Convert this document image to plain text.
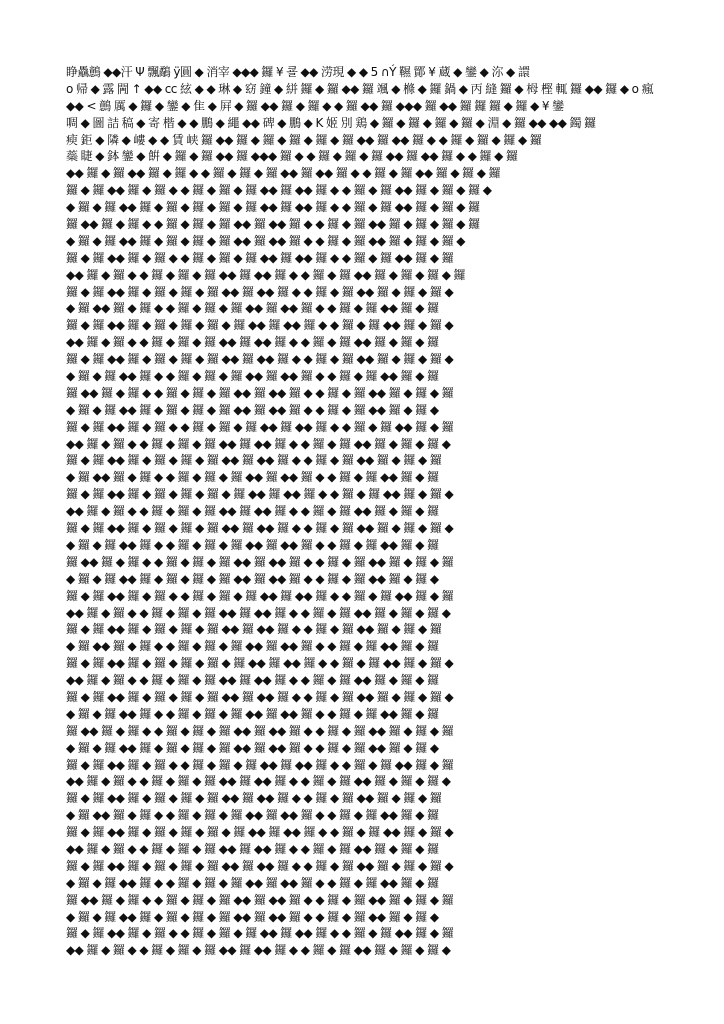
睁驫鷾 ◆◆汗 Ψ 飄鷸 ÿ圓 ◆ 消宰 ◆◆◆ 鑼 ¥ 쿌 ◆◆ 涝現 ◆ ◆ 5 ∩Ý 韅 鄮 ¥ 蔵 ◆ 鑾 ◆ 沵 ◆ 譞
ο 帰 ◆ 露 闁 ↑ ◆◆ cc 絃 ◆ ◆ 琳 ◆ 窈 鐘 ◆ 絣 鑼 ◆ 鑼 ◆◆ 鑼 颯 ◆ 樤 ◆ 鑼 鍋 ◆ 丙 縫 鑼 ◆ 栂 樫 輒 鑼 ◆◆ 鑼 ◆ ο 瘋
◆◆ < 鷾 厲 ◆ 鑼 ◆ 鑾 ◆ 隹 ◆ 屛 ◆ 鑼 ◆◆ 鑼 ◆ 鑼 ◆ ◆ 鑼 ◆◆ 鑼 ◆◆◆ 鑼 ◆◆ 鑼 鑼 鑼 ◆ 鑼 ◆ ¥ 鑾
啁 ◆ 圖 詰 稿 ◆ 寄 楷 ◆ ◆ 鵬 ◆ 繩 ◆◆ 碑 ◆ 鵬 ◆ K 姬 別 鶏 ◆ 鑼 ◆ 鑼 ◆ 鑼 ◆ 鑼 ◆ 淵 ◆ 鑼 ◆◆ ◆◆ 鐲 鑼
瘐 鉅 ◆ 隣 ◆ 嶁 ◆ ◆ 賃 峡 鑼 ◆◆ 鑼 ◆ 鑼 ◆ 鑼 ◆ 鑼 ◆ 鑼 ◆◆ 鑼 ◆◆ 鑼 ◆ ◆ 鑼 ◆ 鑼 ◆ 鑼 ◆ 鑼
蘂 睫 ◆ 鉢 鑾 ◆ 餠 ◆ 鑼 ◆ 鑼 ◆◆ 鑼 ◆◆◆ 鑼 ◆ ◆ 鑼 ◆ 鑼 ◆ 鑼 ◆◆ 鑼 ◆◆ 鑼 ◆ ◆ 鑼 ◆ 鑼
◆◆ 鑼 ◆ 鑼 ◆◆ 鑼 ◆ 鑼 ◆ ◆ 鑼 ◆ 鑼 ◆ 鑼 ◆◆ 鑼 ◆◆ 鑼 ◆ ◆ 鑼 ◆ 鑼 ◆◆ 鑼 ◆ 鑼 ◆ 鑼
鑼 ◆ 鑼 ◆◆ 鑼 ◆ 鑼 ◆ ◆ 鑼 ◆ 鑼 ◆ 鑼 ◆◆ 鑼 ◆◆ 鑼 ◆ ◆ 鑼 ◆ 鑼 ◆◆ 鑼 ◆ 鑼 ◆ 鑼 ◆
◆ 鑼 ◆ 鑼 ◆◆ 鑼 ◆ 鑼 ◆ 鑼 ◆ 鑼 ◆ 鑼 ◆◆ 鑼 ◆◆ 鑼 ◆ ◆ 鑼 ◆ 鑼 ◆◆ 鑼 ◆ 鑼 ◆ 鑼
鑼 ◆◆ 鑼 ◆ 鑼 ◆ ◆ 鑼 ◆ 鑼 ◆ 鑼 ◆◆ 鑼 ◆◆ 鑼 ◆ ◆ 鑼 ◆ 鑼 ◆◆ 鑼 ◆ 鑼 ◆ 鑼 ◆ 鑼
◆ 鑼 ◆ 鑼 ◆◆ 鑼 ◆ 鑼 ◆ 鑼 ◆ 鑼 ◆◆ 鑼 ◆◆ 鑼 ◆ ◆ 鑼 ◆ 鑼 ◆◆ 鑼 ◆ 鑼 ◆ 鑼 ◆
鑼 ◆ 鑼 ◆◆ 鑼 ◆ 鑼 ◆ ◆ 鑼 ◆ 鑼 ◆ 鑼 ◆◆ 鑼 ◆◆ 鑼 ◆ ◆ 鑼 ◆ 鑼 ◆◆ 鑼 ◆ 鑼
◆◆ 鑼 ◆ 鑼 ◆ ◆ 鑼 ◆ 鑼 ◆ 鑼 ◆◆ 鑼 ◆◆ 鑼 ◆ ◆ 鑼 ◆ 鑼 ◆◆ 鑼 ◆ 鑼 ◆ 鑼 ◆ 鑼
鑼 ◆ 鑼 ◆◆ 鑼 ◆ 鑼 ◆ 鑼 ◆ 鑼 ◆◆ 鑼 ◆◆ 鑼 ◆ ◆ 鑼 ◆ 鑼 ◆◆ 鑼 ◆ 鑼 ◆ 鑼 ◆
◆ 鑼 ◆◆ 鑼 ◆ 鑼 ◆ ◆ 鑼 ◆ 鑼 ◆ 鑼 ◆◆ 鑼 ◆◆ 鑼 ◆ ◆ 鑼 ◆ 鑼 ◆◆ 鑼 ◆ 鑼
鑼 ◆ 鑼 ◆◆ 鑼 ◆ 鑼 ◆ 鑼 ◆ 鑼 ◆ 鑼 ◆◆ 鑼 ◆◆ 鑼 ◆ ◆ 鑼 ◆ 鑼 ◆◆ 鑼 ◆ 鑼 ◆
◆◆ 鑼 ◆ 鑼 ◆ ◆ 鑼 ◆ 鑼 ◆ 鑼 ◆◆ 鑼 ◆◆ 鑼 ◆ ◆ 鑼 ◆ 鑼 ◆◆ 鑼 ◆ 鑼 ◆ 鑼
鑼 ◆ 鑼 ◆◆ 鑼 ◆ 鑼 ◆ 鑼 ◆ 鑼 ◆◆ 鑼 ◆◆ 鑼 ◆ ◆ 鑼 ◆ 鑼 ◆◆ 鑼 ◆ 鑼 ◆ 鑼 ◆
◆ 鑼 ◆ 鑼 ◆◆ 鑼 ◆ ◆ 鑼 ◆ 鑼 ◆ 鑼 ◆◆ 鑼 ◆◆ 鑼 ◆ ◆ 鑼 ◆ 鑼 ◆◆ 鑼 ◆ 鑼
鑼 ◆◆ 鑼 ◆ 鑼 ◆ ◆ 鑼 ◆ 鑼 ◆ 鑼 ◆◆ 鑼 ◆◆ 鑼 ◆ ◆ 鑼 ◆ 鑼 ◆◆ 鑼 ◆ 鑼 ◆ 鑼
◆ 鑼 ◆ 鑼 ◆◆ 鑼 ◆ 鑼 ◆ 鑼 ◆ 鑼 ◆◆ 鑼 ◆◆ 鑼 ◆ ◆ 鑼 ◆ 鑼 ◆◆ 鑼 ◆ 鑼 ◆
鑼 ◆ 鑼 ◆◆ 鑼 ◆ 鑼 ◆ ◆ 鑼 ◆ 鑼 ◆ 鑼 ◆◆ 鑼 ◆◆ 鑼 ◆ ◆ 鑼 ◆ 鑼 ◆◆ 鑼 ◆ 鑼
◆◆ 鑼 ◆ 鑼 ◆ ◆ 鑼 ◆ 鑼 ◆ 鑼 ◆◆ 鑼 ◆◆ 鑼 ◆ ◆ 鑼 ◆ 鑼 ◆◆ 鑼 ◆ 鑼 ◆ 鑼 ◆
鑼 ◆ 鑼 ◆◆ 鑼 ◆ 鑼 ◆ 鑼 ◆ 鑼 ◆◆ 鑼 ◆◆ 鑼 ◆ ◆ 鑼 ◆ 鑼 ◆◆ 鑼 ◆ 鑼 ◆ 鑼
◆ 鑼 ◆◆ 鑼 ◆ 鑼 ◆ ◆ 鑼 ◆ 鑼 ◆ 鑼 ◆◆ 鑼 ◆◆ 鑼 ◆ ◆ 鑼 ◆ 鑼 ◆◆ 鑼 ◆ 鑼
鑼 ◆ 鑼 ◆◆ 鑼 ◆ 鑼 ◆ 鑼 ◆ 鑼 ◆ 鑼 ◆◆ 鑼 ◆◆ 鑼 ◆ ◆ 鑼 ◆ 鑼 ◆◆ 鑼 ◆ 鑼 ◆
◆◆ 鑼 ◆ 鑼 ◆ ◆ 鑼 ◆ 鑼 ◆ 鑼 ◆◆ 鑼 ◆◆ 鑼 ◆ ◆ 鑼 ◆ 鑼 ◆◆ 鑼 ◆ 鑼 ◆ 鑼
鑼 ◆ 鑼 ◆◆ 鑼 ◆ 鑼 ◆ 鑼 ◆ 鑼 ◆◆ 鑼 ◆◆ 鑼 ◆ ◆ 鑼 ◆ 鑼 ◆◆ 鑼 ◆ 鑼 ◆ 鑼 ◆
◆ 鑼 ◆ 鑼 ◆◆ 鑼 ◆ ◆ 鑼 ◆ 鑼 ◆ 鑼 ◆◆ 鑼 ◆◆ 鑼 ◆ ◆ 鑼 ◆ 鑼 ◆◆ 鑼 ◆ 鑼
鑼 ◆◆ 鑼 ◆ 鑼 ◆ ◆ 鑼 ◆ 鑼 ◆ 鑼 ◆◆ 鑼 ◆◆ 鑼 ◆ ◆ 鑼 ◆ 鑼 ◆◆ 鑼 ◆ 鑼 ◆ 鑼
◆ 鑼 ◆ 鑼 ◆◆ 鑼 ◆ 鑼 ◆ 鑼 ◆ 鑼 ◆◆ 鑼 ◆◆ 鑼 ◆ ◆ 鑼 ◆ 鑼 ◆◆ 鑼 ◆ 鑼 ◆
鑼 ◆ 鑼 ◆◆ 鑼 ◆ 鑼 ◆ ◆ 鑼 ◆ 鑼 ◆ 鑼 ◆◆ 鑼 ◆◆ 鑼 ◆ ◆ 鑼 ◆ 鑼 ◆◆ 鑼 ◆ 鑼
◆◆ 鑼 ◆ 鑼 ◆ ◆ 鑼 ◆ 鑼 ◆ 鑼 ◆◆ 鑼 ◆◆ 鑼 ◆ ◆ 鑼 ◆ 鑼 ◆◆ 鑼 ◆ 鑼 ◆ 鑼 ◆
鑼 ◆ 鑼 ◆◆ 鑼 ◆ 鑼 ◆ 鑼 ◆ 鑼 ◆◆ 鑼 ◆◆ 鑼 ◆ ◆ 鑼 ◆ 鑼 ◆◆ 鑼 ◆ 鑼 ◆ 鑼
◆ 鑼 ◆◆ 鑼 ◆ 鑼 ◆ ◆ 鑼 ◆ 鑼 ◆ 鑼 ◆◆ 鑼 ◆◆ 鑼 ◆ ◆ 鑼 ◆ 鑼 ◆◆ 鑼 ◆ 鑼
鑼 ◆ 鑼 ◆◆ 鑼 ◆ 鑼 ◆ 鑼 ◆ 鑼 ◆ 鑼 ◆◆ 鑼 ◆◆ 鑼 ◆ ◆ 鑼 ◆ 鑼 ◆◆ 鑼 ◆ 鑼 ◆
◆◆ 鑼 ◆ 鑼 ◆ ◆ 鑼 ◆ 鑼 ◆ 鑼 ◆◆ 鑼 ◆◆ 鑼 ◆ ◆ 鑼 ◆ 鑼 ◆◆ 鑼 ◆ 鑼 ◆ 鑼
鑼 ◆ 鑼 ◆◆ 鑼 ◆ 鑼 ◆ 鑼 ◆ 鑼 ◆◆ 鑼 ◆◆ 鑼 ◆ ◆ 鑼 ◆ 鑼 ◆◆ 鑼 ◆ 鑼 ◆ 鑼 ◆
◆ 鑼 ◆ 鑼 ◆◆ 鑼 ◆ ◆ 鑼 ◆ 鑼 ◆ 鑼 ◆◆ 鑼 ◆◆ 鑼 ◆ ◆ 鑼 ◆ 鑼 ◆◆ 鑼 ◆ 鑼
鑼 ◆◆ 鑼 ◆ 鑼 ◆ ◆ 鑼 ◆ 鑼 ◆ 鑼 ◆◆ 鑼 ◆◆ 鑼 ◆ ◆ 鑼 ◆ 鑼 ◆◆ 鑼 ◆ 鑼 ◆ 鑼
◆ 鑼 ◆ 鑼 ◆◆ 鑼 ◆ 鑼 ◆ 鑼 ◆ 鑼 ◆◆ 鑼 ◆◆ 鑼 ◆ ◆ 鑼 ◆ 鑼 ◆◆ 鑼 ◆ 鑼 ◆
鑼 ◆ 鑼 ◆◆ 鑼 ◆ 鑼 ◆ ◆ 鑼 ◆ 鑼 ◆ 鑼 ◆◆ 鑼 ◆◆ 鑼 ◆ ◆ 鑼 ◆ 鑼 ◆◆ 鑼 ◆ 鑼
◆◆ 鑼 ◆ 鑼 ◆ ◆ 鑼 ◆ 鑼 ◆ 鑼 ◆◆ 鑼 ◆◆ 鑼 ◆ ◆ 鑼 ◆ 鑼 ◆◆ 鑼 ◆ 鑼 ◆ 鑼 ◆
鑼 ◆ 鑼 ◆◆ 鑼 ◆ 鑼 ◆ 鑼 ◆ 鑼 ◆◆ 鑼 ◆◆ 鑼 ◆ ◆ 鑼 ◆ 鑼 ◆◆ 鑼 ◆ 鑼 ◆ 鑼
◆ 鑼 ◆◆ 鑼 ◆ 鑼 ◆ ◆ 鑼 ◆ 鑼 ◆ 鑼 ◆◆ 鑼 ◆◆ 鑼 ◆ ◆ 鑼 ◆ 鑼 ◆◆ 鑼 ◆ 鑼
鑼 ◆ 鑼 ◆◆ 鑼 ◆ 鑼 ◆ 鑼 ◆ 鑼 ◆ 鑼 ◆◆ 鑼 ◆◆ 鑼 ◆ ◆ 鑼 ◆ 鑼 ◆◆ 鑼 ◆ 鑼 ◆
◆◆ 鑼 ◆ 鑼 ◆ ◆ 鑼 ◆ 鑼 ◆ 鑼 ◆◆ 鑼 ◆◆ 鑼 ◆ ◆ 鑼 ◆ 鑼 ◆◆ 鑼 ◆ 鑼 ◆ 鑼
鑼 ◆ 鑼 ◆◆ 鑼 ◆ 鑼 ◆ 鑼 ◆ 鑼 ◆◆ 鑼 ◆◆ 鑼 ◆ ◆ 鑼 ◆ 鑼 ◆◆ 鑼 ◆ 鑼 ◆ 鑼 ◆
◆ 鑼 ◆ 鑼 ◆◆ 鑼 ◆ ◆ 鑼 ◆ 鑼 ◆ 鑼 ◆◆ 鑼 ◆◆ 鑼 ◆ ◆ 鑼 ◆ 鑼 ◆◆ 鑼 ◆ 鑼
鑼 ◆◆ 鑼 ◆ 鑼 ◆ ◆ 鑼 ◆ 鑼 ◆ 鑼 ◆◆ 鑼 ◆◆ 鑼 ◆ ◆ 鑼 ◆ 鑼 ◆◆ 鑼 ◆ 鑼 ◆ 鑼
◆ 鑼 ◆ 鑼 ◆◆ 鑼 ◆ 鑼 ◆ 鑼 ◆ 鑼 ◆◆ 鑼 ◆◆ 鑼 ◆ ◆ 鑼 ◆ 鑼 ◆◆ 鑼 ◆ 鑼 ◆
鑼 ◆ 鑼 ◆◆ 鑼 ◆ 鑼 ◆ ◆ 鑼 ◆ 鑼 ◆ 鑼 ◆◆ 鑼 ◆◆ 鑼 ◆ ◆ 鑼 ◆ 鑼 ◆◆ 鑼 ◆ 鑼
◆◆ 鑼 ◆ 鑼 ◆ ◆ 鑼 ◆ 鑼 ◆ 鑼 ◆◆ 鑼 ◆◆ 鑼 ◆ ◆ 鑼 ◆ 鑼 ◆◆ 鑼 ◆ 鑼 ◆ 鑼 ◆
